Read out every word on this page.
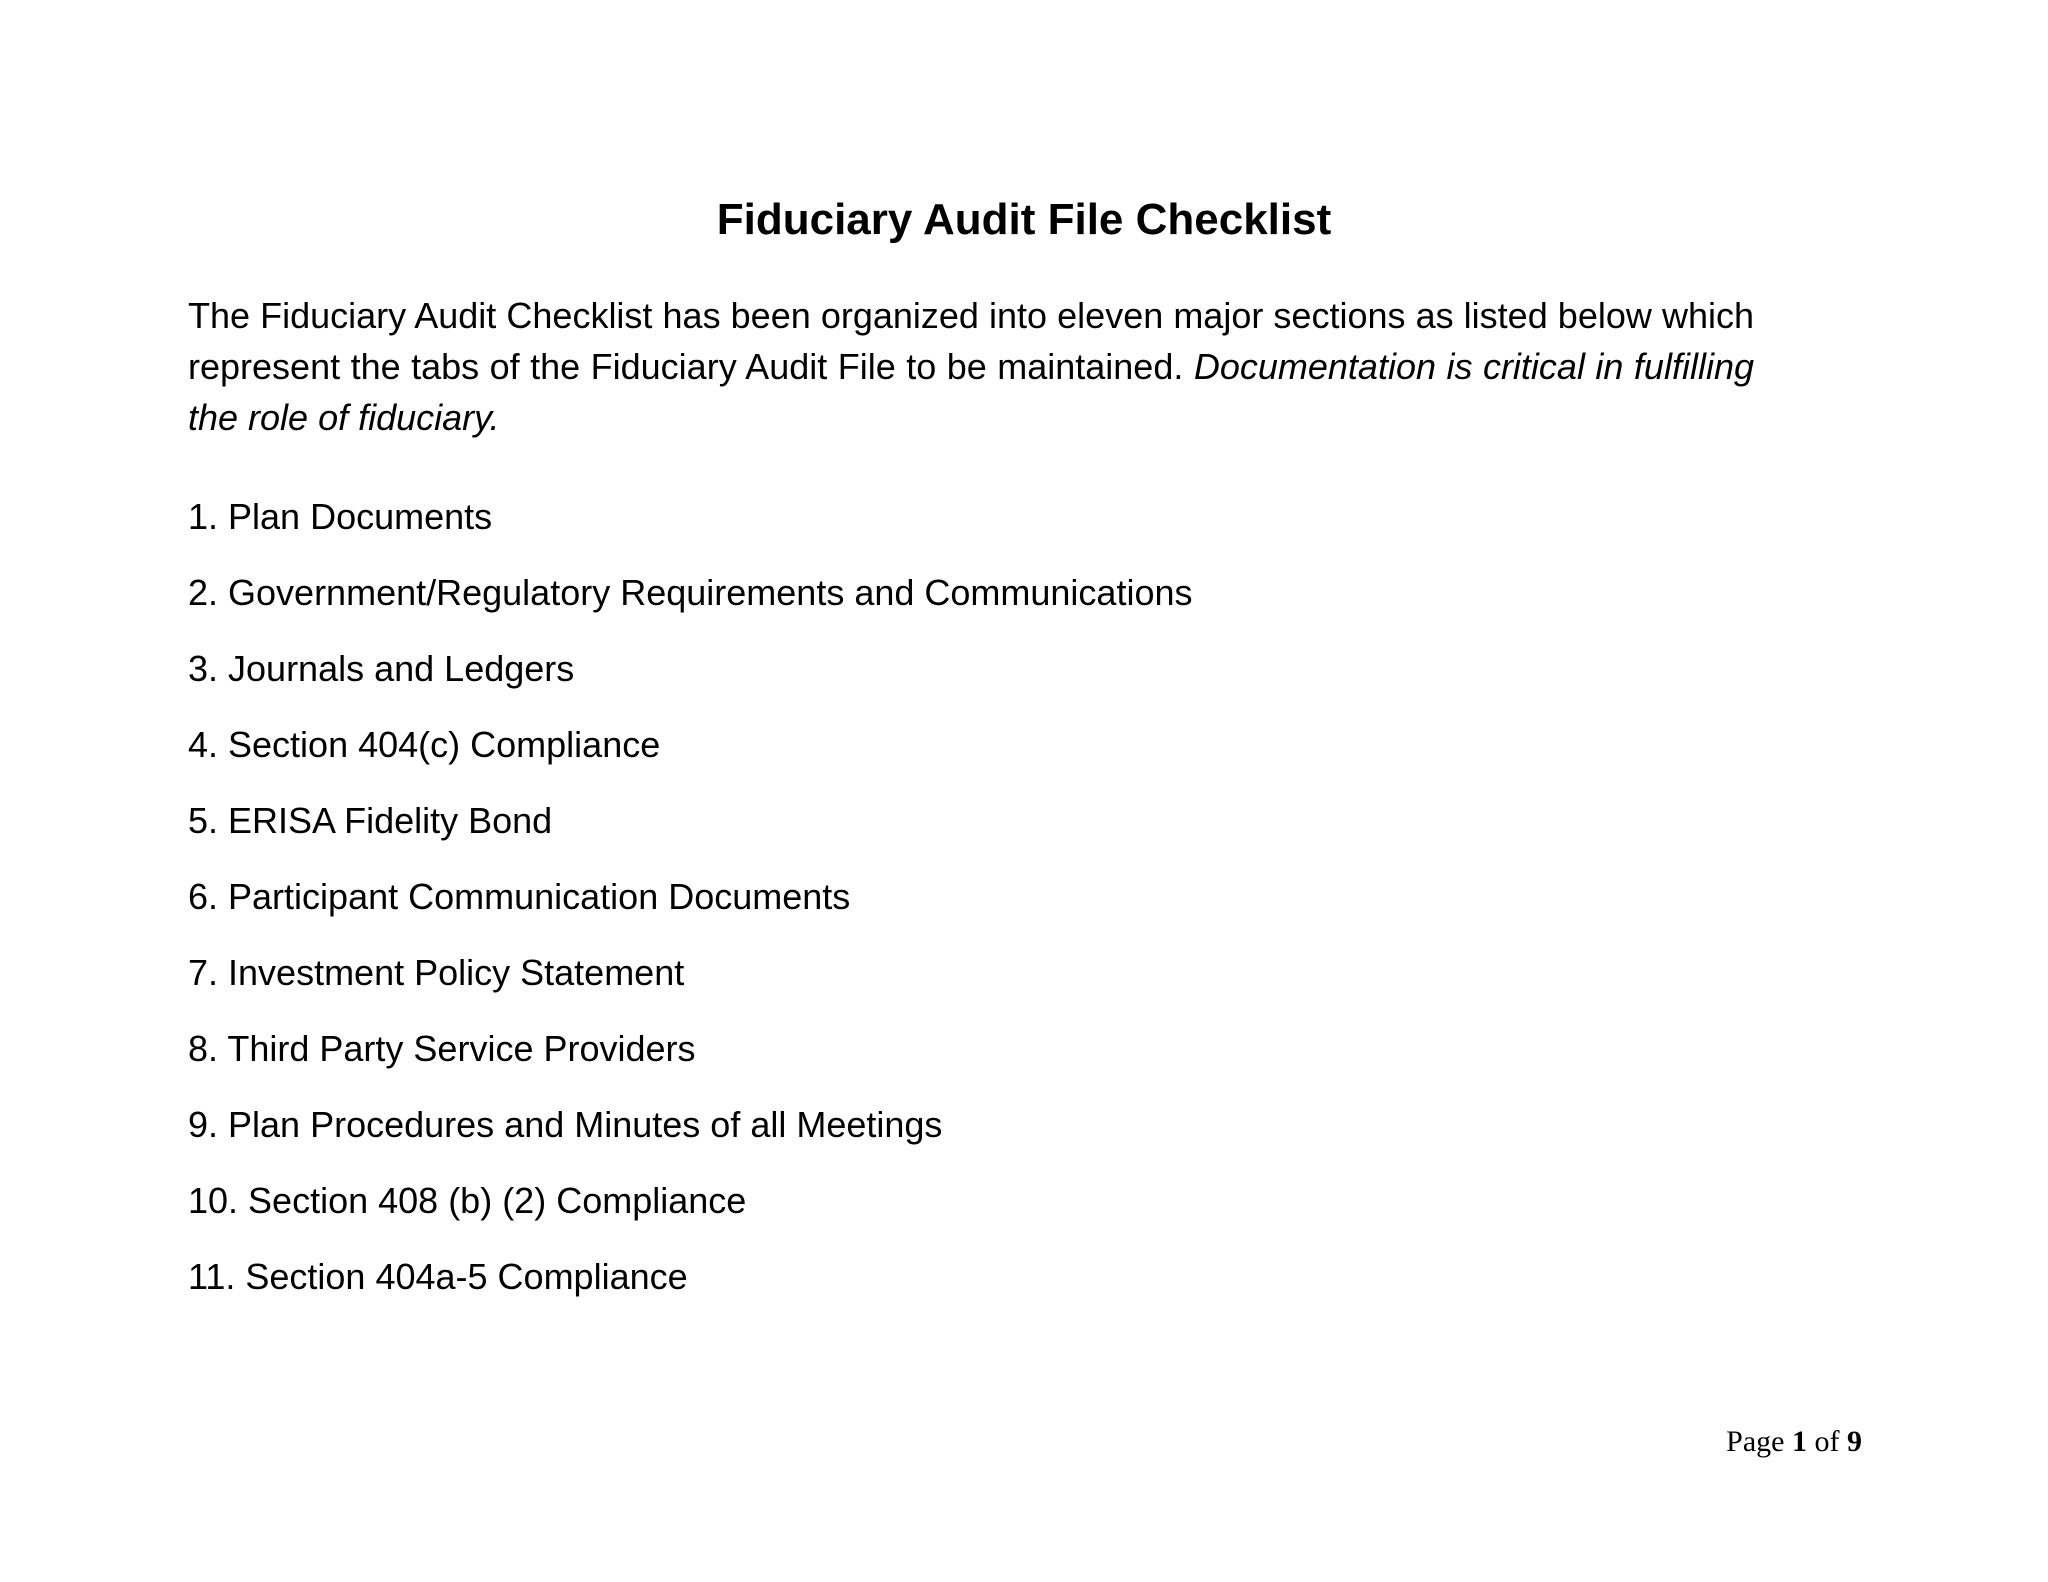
Fiduciary Audit File Checklist

The Fiduciary Audit Checklist has been organized into eleven major sections as listed below which represent the tabs of the Fiduciary Audit File to be maintained. Documentation is critical in fulfilling the role of fiduciary.

1. Plan Documents
2. Government/Regulatory Requirements and Communications
3. Journals and Ledgers
4. Section 404(c) Compliance
5. ERISA Fidelity Bond
6. Participant Communication Documents
7. Investment Policy Statement
8. Third Party Service Providers
9. Plan Procedures and Minutes of all Meetings
10. Section 408 (b) (2) Compliance
11. Section 404a-5 Compliance
Page 1 of 9
